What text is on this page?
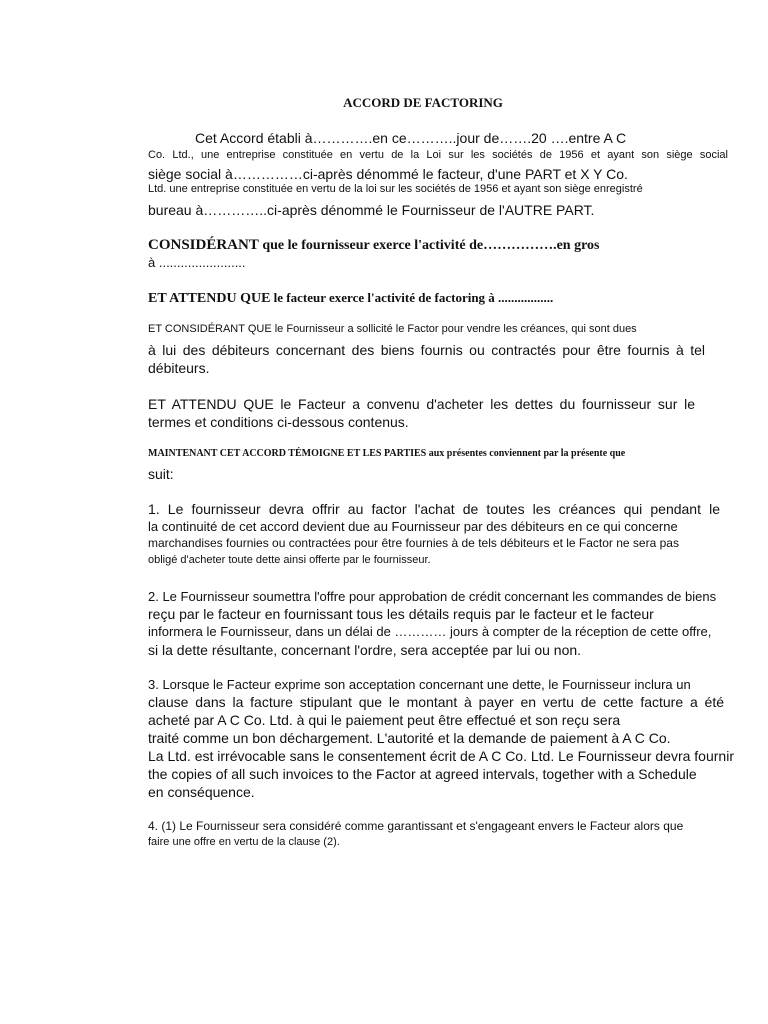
ACCORD DE FACTORING

Cet Accord établi à………….en ce………..jour de…….20 ….entre A C

Co. Ltd., une entreprise constituée en vertu de la Loi sur les sociétés de 1956 et ayant son siège social

siège social à……………ci-après dénommé le facteur, d'une PART et X Y Co.

Ltd. une entreprise constituée en vertu de la loi sur les sociétés de 1956 et ayant son siège enregistré

bureau à…………..ci-après dénommé le Fournisseur de l'AUTRE PART.

CONSIDÉRANT que le fournisseur exerce l'activité de…………….en gros

à ........................

ET ATTENDU QUE le facteur exerce l'activité de factoring à .................

ET CONSIDÉRANT QUE le Fournisseur a sollicité le Factor pour vendre les créances, qui sont dues

à lui des débiteurs concernant des biens fournis ou contractés pour être fournis à tel

débiteurs.

ET ATTENDU QUE le Facteur a convenu d'acheter les dettes du fournisseur sur le

termes et conditions ci-dessous contenus.

MAINTENANT CET ACCORD TÉMOIGNE ET LES PARTIES aux présentes conviennent par la présente que

suit:

1. Le fournisseur devra offrir au factor l'achat de toutes les créances qui pendant le

la continuité de cet accord devient due au Fournisseur par des débiteurs en ce qui concerne

marchandises fournies ou contractées pour être fournies à de tels débiteurs et le Factor ne sera pas

obligé d'acheter toute dette ainsi offerte par le fournisseur.

2. Le Fournisseur soumettra l'offre pour approbation de crédit concernant les commandes de biens

reçu par le facteur en fournissant tous les détails requis par le facteur et le facteur

informera le Fournisseur, dans un délai de ………… jours à compter de la réception de cette offre,

si la dette résultante, concernant l'ordre, sera acceptée par lui ou non.

3. Lorsque le Facteur exprime son acceptation concernant une dette, le Fournisseur inclura un

clause dans la facture stipulant que le montant à payer en vertu de cette facture a été

acheté par A C Co. Ltd. à qui le paiement peut être effectué et son reçu sera

traité comme un bon déchargement. L'autorité et la demande de paiement à A C Co.

La Ltd. est irrévocable sans le consentement écrit de A C Co. Ltd. Le Fournisseur devra fournir

the copies of all such invoices to the Factor at agreed intervals, together with a Schedule

en conséquence.

4. (1) Le Fournisseur sera considéré comme garantissant et s'engageant envers le Facteur alors que

faire une offre en vertu de la clause (2).
